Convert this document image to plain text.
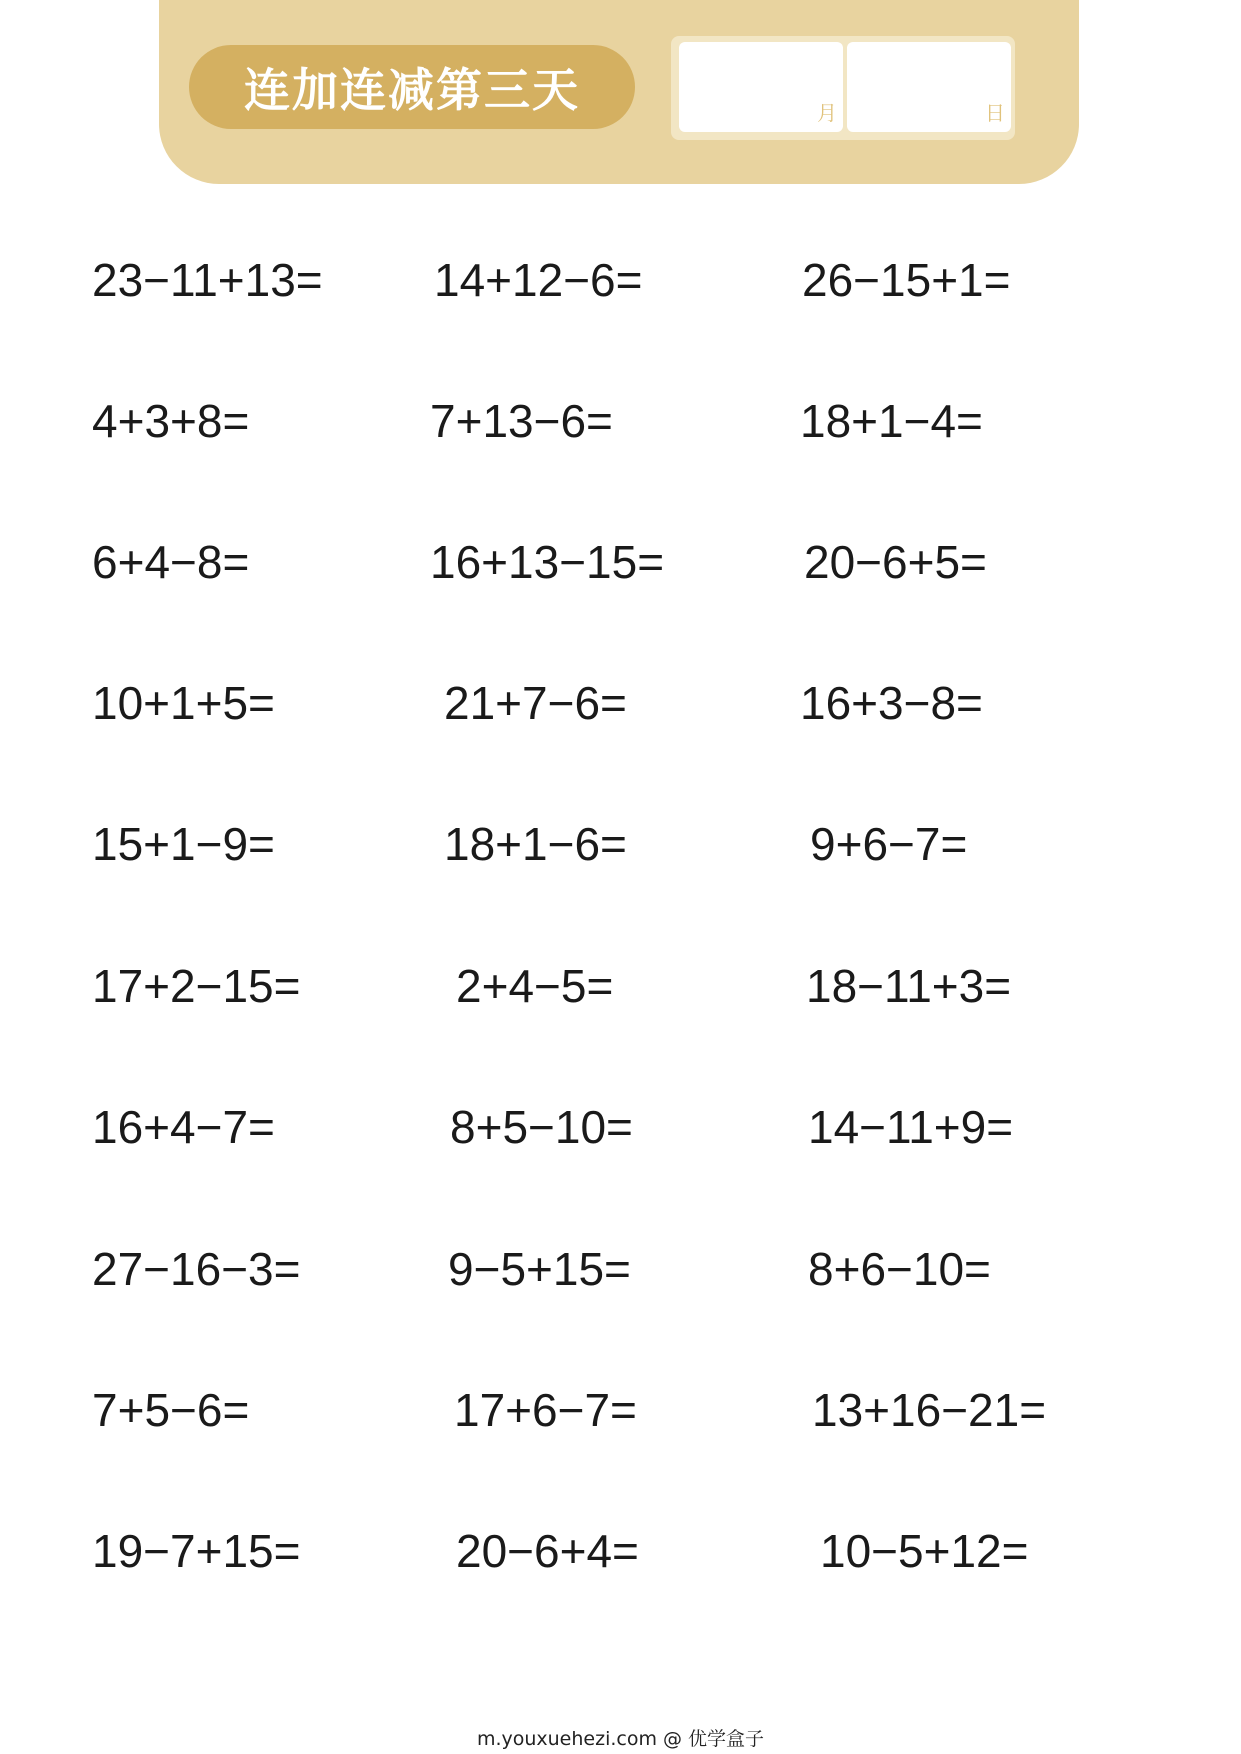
连加连减第三天	月	日
23−11+13= 14+12−6=	26−15+1=
4+3+8=	7+13−6=	18+1−4=
6+4−8=	16+13−15=	20−6+5=
10+1+5=	21+7−6=	16+3−8=
15+1−9=	18+1−6=	9+6−7=
17+2−15=	2+4−5=	18−11+3=
16+4−7=	8+5−10=	14−11+9=
27−16−3=	9−5+15=	8+6−10=
7+5−6=	17+6−7=	13+16−21=
19−7+15=	20−6+4=	10−5+12=
m.youxuehezi.com @ 优学盒子
